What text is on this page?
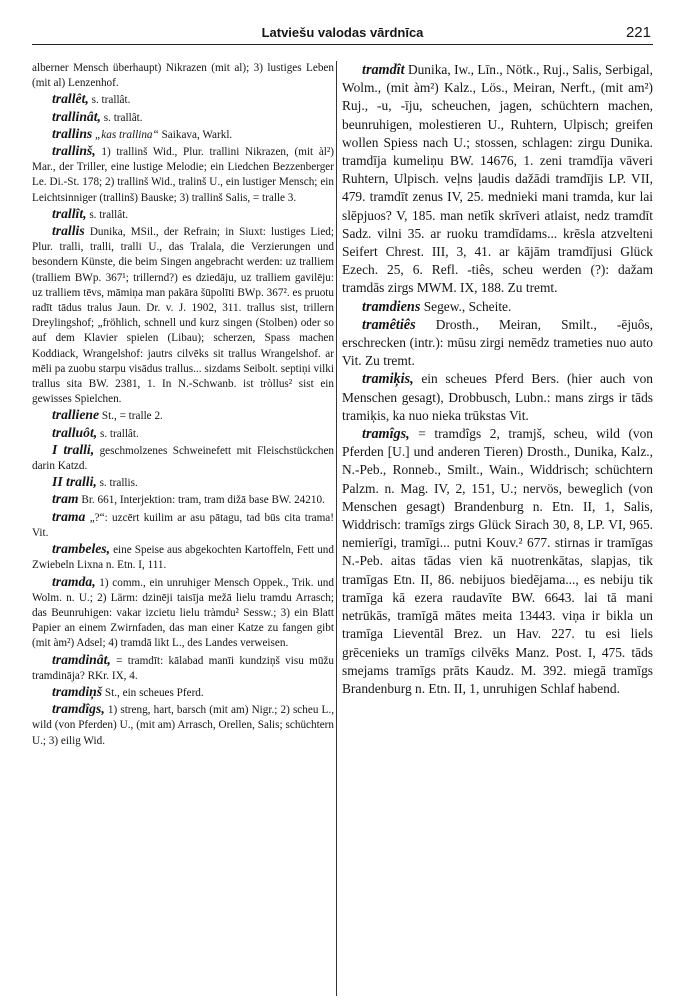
Latviešu valodas vārdnīca	221

alberner Mensch überhaupt) Nikrazen (mit al); 3) lustiges Leben (mit al) Lenzenhof.

trallêt, s. trallât.

trallinât, s. trallât.

trallins „kas trallina“ Saikava, Warkl.

trallinš, 1) trallinš Wid., Plur. trallini Nikrazen, (mit àl²) Mar., der Triller, eine lustige Melodie; ein Liedchen Bezzenberger Le. Di.-St. 178; 2) trallinš Wid., tralinš U., ein lustiger Mensch; ein Leichtsinniger (trallinš) Bauske; 3) trallinš Salis, = tralle 3.

trallît, s. trallât.

trallis Dunika, MSil., der Refrain; in Siuxt: lustiges Lied; Plur. tralli, tralli, tralli U., das Tralala, die Verzierungen und besondern Künste, die beim Singen angebracht werden: uz tralliem (tralliem BWp. 367¹; trillernd?) es dziedāju, uz tralliem gavilēju: uz tralliem tēvs, māmiņa man pakāra šūpolīti BWp. 367². es pruotu radīt tādus tralus Jaun. Dr. v. J. 1902, 311. trallus sist, trillern Dreylingshof; „fröhlich, schnell und kurz singen (Stolben) oder so auf dem Klavier spielen (Libau); scherzen, Spass machen Koddiack, Wrangelshof: jautrs cilvēks sit trallus Wrangelshof. ar mēli pa zuobu starpu visādus trallus... sizdams Seibolt. septiņi vilki trallus sita BW. 2381, 1. In N.-Schwanb. ist tròllus² sist ein gewisses Spielchen.

tralliene St., = tralle 2.

tralluôt, s. trallât.

I tralli, geschmolzenes Schweinefett mit Fleischstückchen darin Katzd.

II tralli, s. trallis.

tram Br. 661, Interjektion: tram, tram dižā base BW. 24210.

trama „?“: uzcērt kuilim ar asu pātagu, tad būs cita trama! Vit.

trambeles, eine Speise aus abgekochten Kartoffeln, Fett und Zwiebeln Lixna n. Etn. I, 111.

tramda, 1) comm., ein unruhiger Mensch Oppek., Trik. und Wolm. n. U.; 2) Lärm: dzinēji taisīja mežā lielu tramdu Arrasch; das Beunruhigen: vakar izcietu lielu tràmdu² Sessw.; 3) ein Blatt Papier an einem Zwirnfaden, das man einer Katze zu fangen gibt (mit àm²) Adsel; 4) tramdā likt L., des Landes verweisen.

tramdinât, = tramdīt: kālabad manīi kundziņš visu mūžu tramdināja? RKr. IX, 4.

tramdiņš St., ein scheues Pferd.

tramdîgs, 1) streng, hart, barsch (mit am) Nigr.; 2) scheu L., wild (von Pferden) U., (mit am) Arrasch, Orellen, Salis; schüchtern U.; 3) eilig Wid.

tramdît Dunika, Iw., Līn., Nötk., Ruj., Salis, Serbigal, Wolm., (mit àm²) Kalz., Lös., Meiran, Nerft., (mit am²) Ruj., -u, -īju, scheuchen, jagen, schüchtern machen, beunruhigen, molestieren U., Ruhtern, Ulpisch; greifen wollen Spiess nach U.; stossen, schlagen: zirgu Dunika. tramdīja kumeliņu BW. 14676, 1. zeni tramdīja vāveri Ruhtern, Ulpisch. veļns ļaudis dažādi tramdījis LP. VII, 479. tramdīt zenus IV, 25. mednieki mani tramda, kur lai slēpjuos? V, 185. man netīk skrīveri atlaist, nedz tramdīt Sadz. vilni 35. ar ruoku tramdīdams... krēsla atzvelteni Seifert Chrest. III, 3, 41. ar kājām tramdījusi Glück Ezech. 25, 6. Refl. -tiês, scheu werden (?): dažam tramdās zirgs MWM. IX, 188. Zu tremt.

tramdiens Segew., Scheite.

tramêtiês Drosth., Meiran, Smilt., -ējuôs, erschrecken (intr.): mūsu zirgi nemēdz trameties nuo auto Vit. Zu tremt.

tramiķis, ein scheues Pferd Bers. (hier auch von Menschen gesagt), Drobbusch, Lubn.: mans zirgs ir tāds tramiķis, ka nuo nieka trūkstas Vit.

tramîgs, = tramdîgs 2, tramjš, scheu, wild (von Pferden [U.] und anderen Tieren) Drosth., Dunika, Kalz., N.-Peb., Ronneb., Smilt., Wain., Widdrisch; schüchtern Palzm. n. Mag. IV, 2, 151, U.; nervös, beweglich (von Menschen gesagt) Brandenburg n. Etn. II, 1, Salis, Widdrisch: tramīgs zirgs Glück Sirach 30, 8, LP. VI, 965. nemierīgi, tramīgi... putni Kouv.² 677. stirnas ir tramīgas N.-Peb. aitas tādas vien kā nuotrenkātas, slapjas, tik tramīgas Etn. II, 86. nebijuos biedējama..., es nebiju tik tramīga kā ezera raudavīte BW. 6643. lai tā mani netrūkās, tramīgā mātes meita 13443. viņa ir bikla un tramīga Lieventāl Brez. un Hav. 227. tu esi liels grēcenieks un tramīgs cilvēks Manz. Post. I, 475. tāds smejams tramīgs prāts Kaudz. M. 392. miegā tramīgs Brandenburg n. Etn. II, 1, unruhigen Schlaf habend.
